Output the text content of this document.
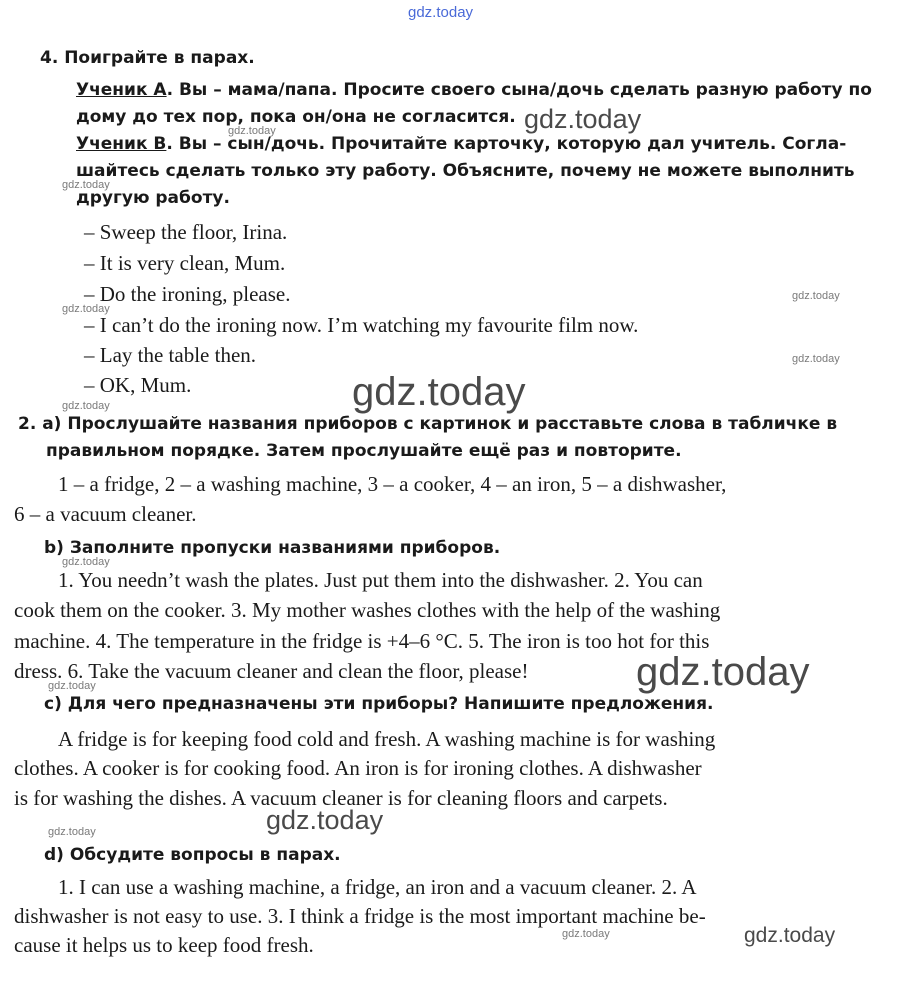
gdz.today
4. Поиграйте в парах.
Ученик А. Вы – мама/папа. Просите своего сына/дочь сделать разную работу по
дому до тех пор, пока он/она не согласится.
Ученик В. Вы – сын/дочь. Прочитайте карточку, которую дал учитель. Согла-
шайтесь сделать только эту работу. Объясните, почему не можете выполнить
другую работу.
– Sweep the floor, Irina.
– It is very clean, Mum.
– Do the ironing, please.
– I can’t do the ironing now. I’m watching my favourite film now.
– Lay the table then.
– OK, Mum.
2. а) Прослушайте названия приборов с картинок и расставьте слова в табличке в
правильном порядке. Затем прослушайте ещё раз и повторите.
1 – a fridge, 2 – a washing machine, 3 – a cooker, 4 – an iron, 5 – a dishwasher,
6 – a vacuum cleaner.
b) Заполните пропуски названиями приборов.
1. You needn’t wash the plates. Just put them into the dishwasher. 2. You can
cook them on the cooker. 3. My mother washes clothes with the help of the washing
machine. 4. The temperature in the fridge is +4–6 °C. 5. The iron is too hot for this
dress. 6. Take the vacuum cleaner and clean the floor, please!
c) Для чего предназначены эти приборы? Напишите предложения.
A fridge is for keeping food cold and fresh. A washing machine is for washing
clothes. A cooker is for cooking food. An iron is for ironing clothes. A dishwasher
is for washing the dishes. A vacuum cleaner is for cleaning floors and carpets.
d) Обсудите вопросы в парах.
1. I can use a washing machine, a fridge, an iron and a vacuum cleaner. 2. A
dishwasher is not easy to use. 3. I think a fridge is the most important machine be-
cause it helps us to keep food fresh.
gdz.today
gdz.today
gdz.today
gdz.today
gdz.today
gdz.today
gdz.today
gdz.today
gdz.today
gdz.today
gdz.today
gdz.today
gdz.today
gdz.today
gdz.today
